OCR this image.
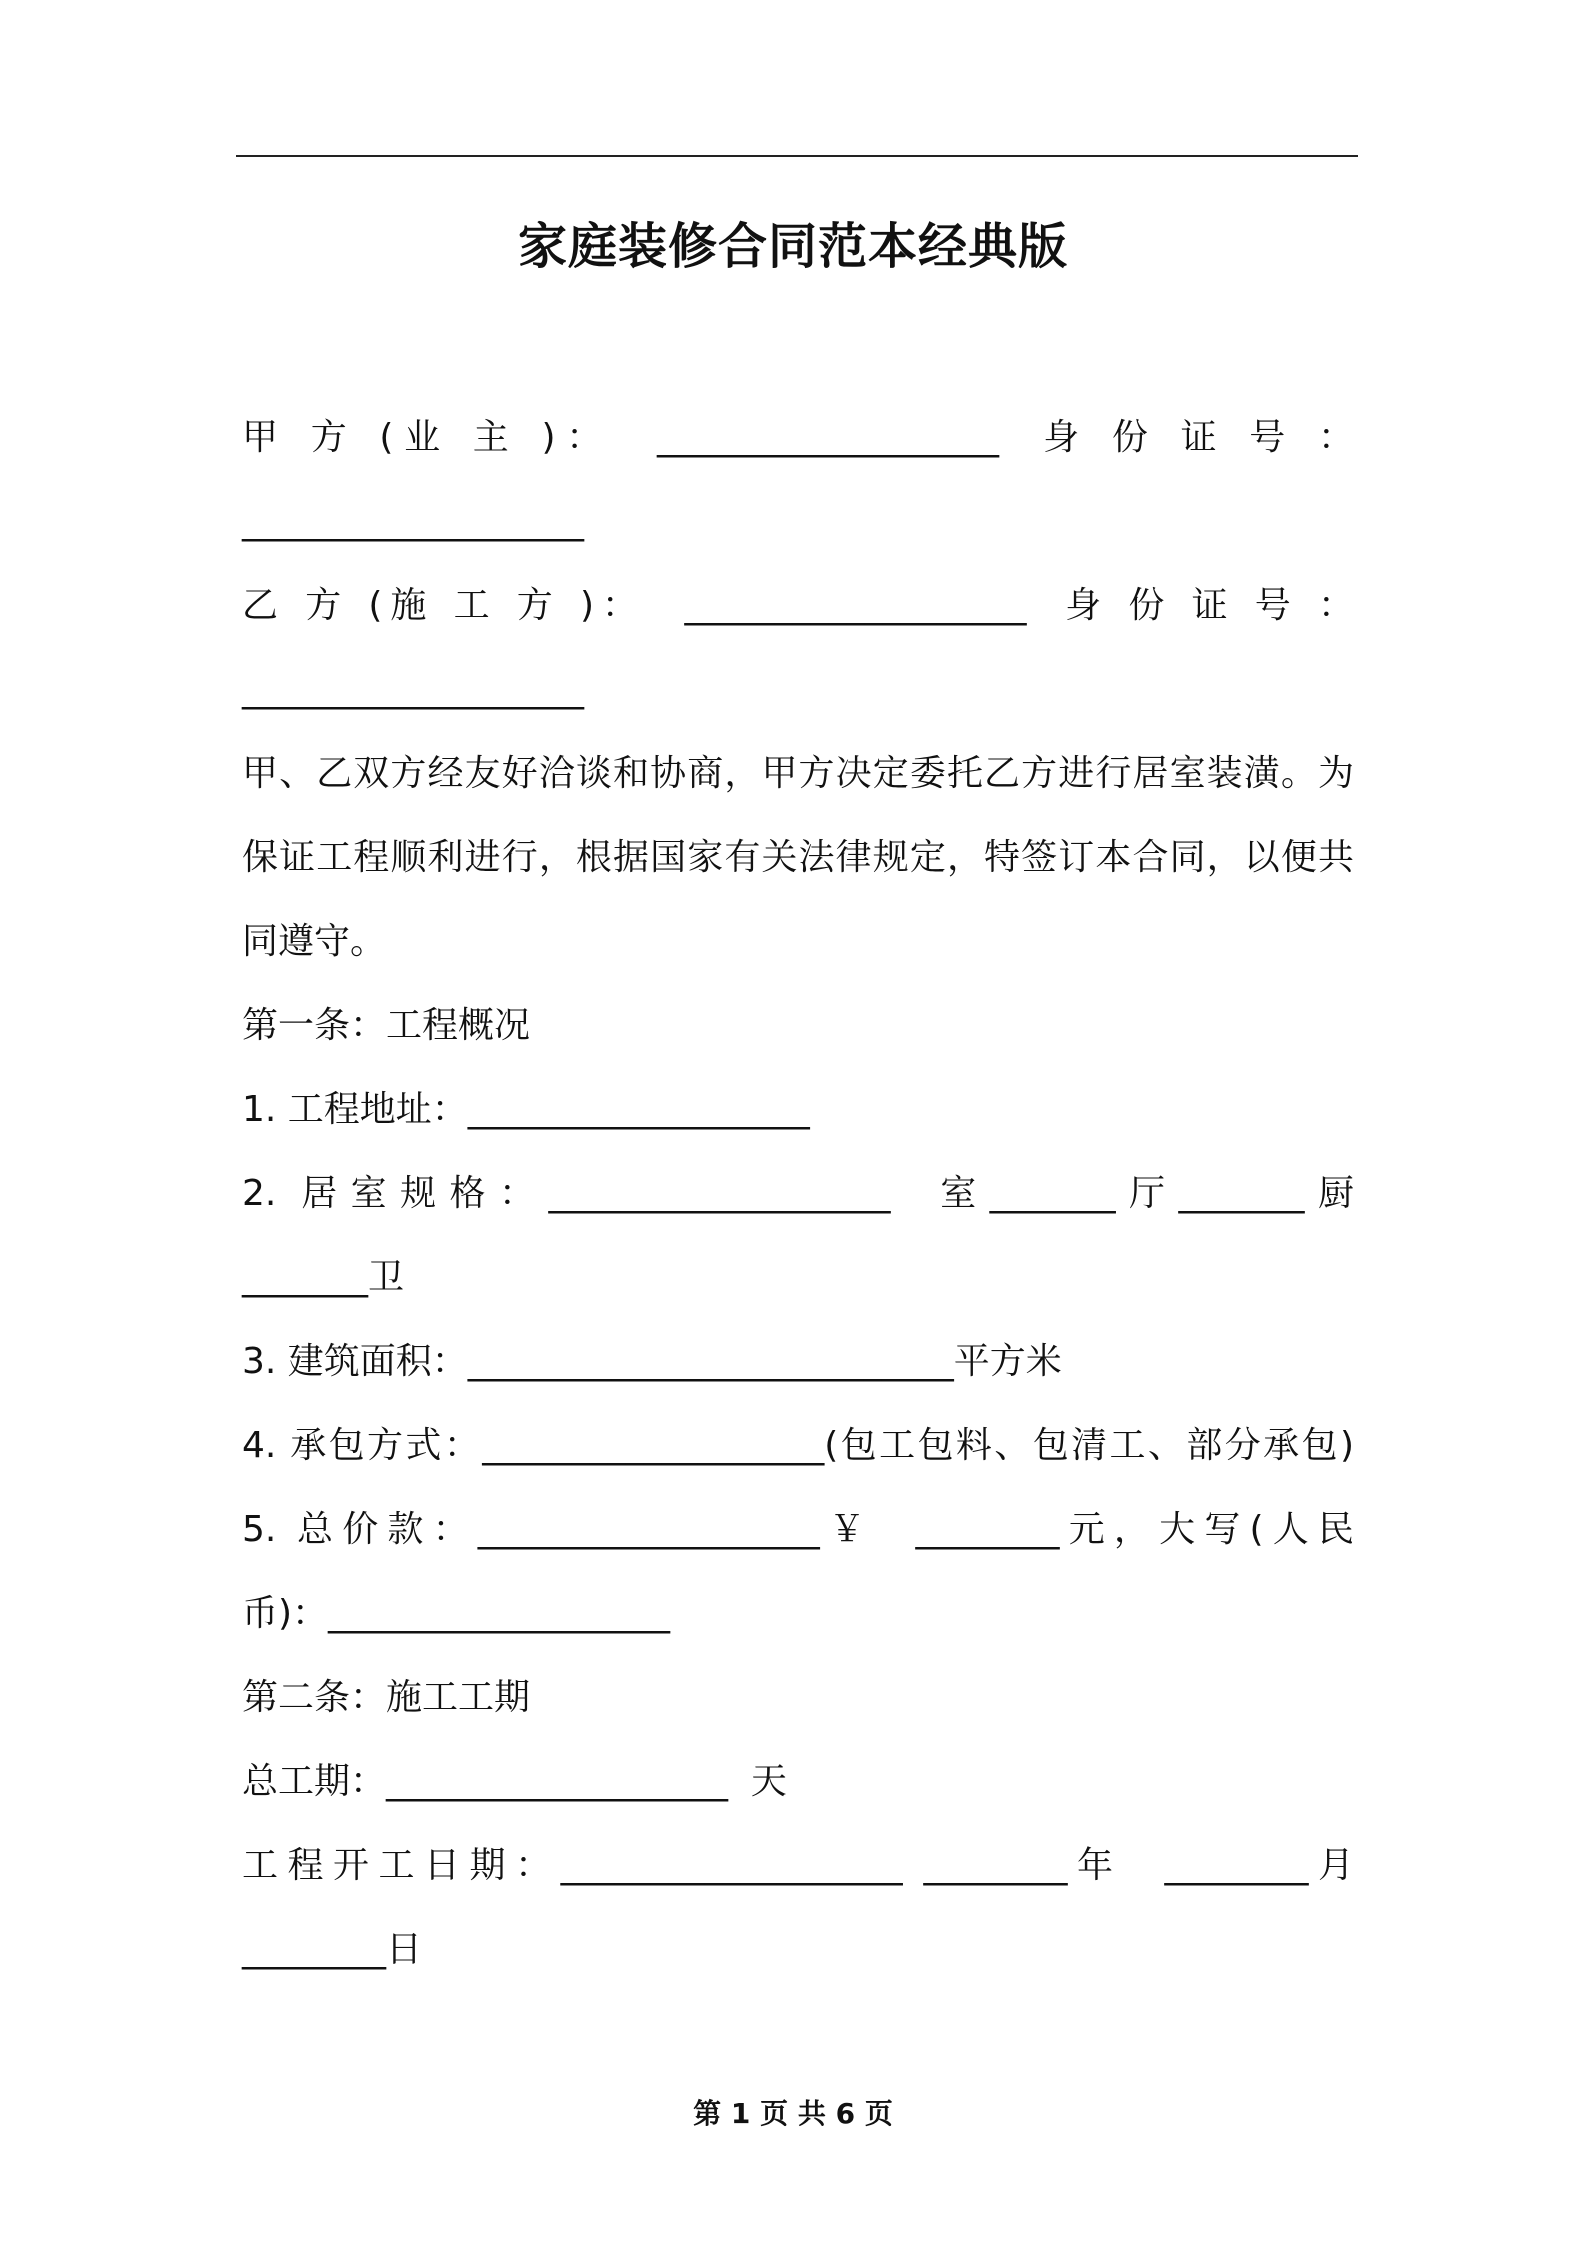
家庭装修合同范本经典版
甲 方 (业 主 )：  ___________________  身 份 证 号 ：
___________________
乙 方 (施 工 方 )：  ___________________  身 份 证 号 ：
___________________
甲、乙双方经友好洽谈和协商，甲方决定委托乙方进行居室装潢。为
保证工程顺利进行，根据国家有关法律规定，特签订本合同，以便共
同遵守。
第一条：工程概况
1. 工程地址：___________________
2. 居室规格：___________________  室_______厅_______厨
_______卫
3. 建筑面积：___________________________平方米
4. 承包方式：___________________(包工包料、包清工、部分承包)
5. 总价款：___________________￥  ________元，大写(人民
币)：___________________
第二条：施工工期
总工期：___________________  天
工程开工日期：___________________ ________年  ________月
________日
第 1 页 共 6 页
